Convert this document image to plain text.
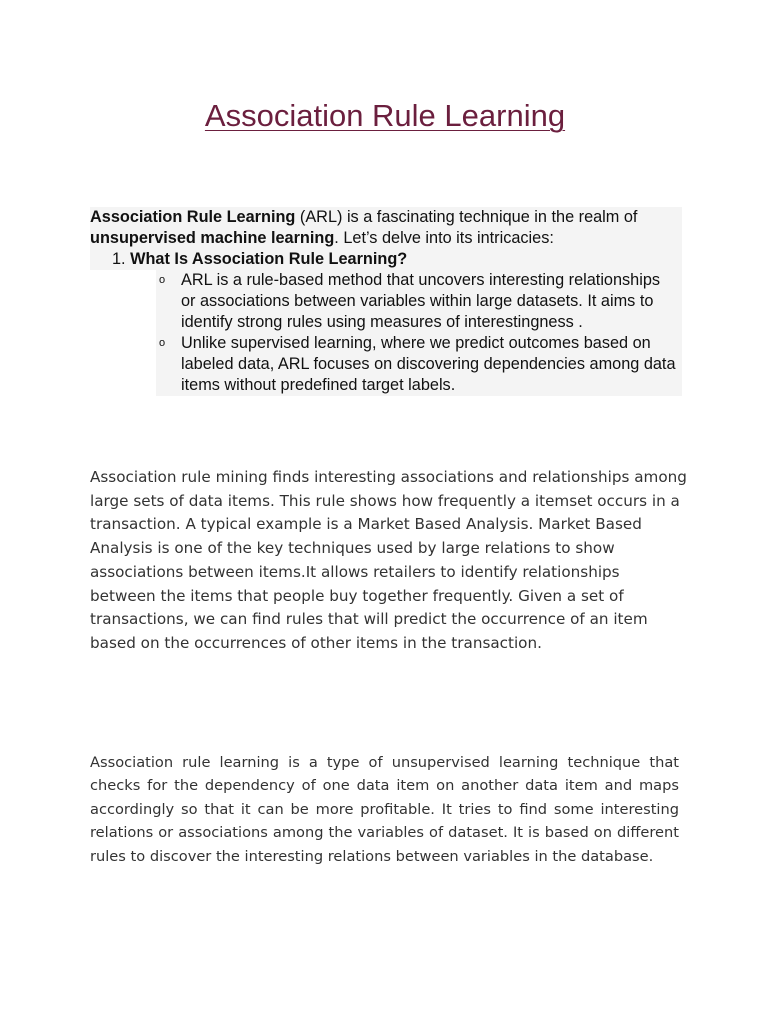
Association Rule Learning
Association Rule Learning (ARL) is a fascinating technique in the realm of unsupervised machine learning. Let’s delve into its intricacies:
1. What Is Association Rule Learning?
o ARL is a rule-based method that uncovers interesting relationships or associations between variables within large datasets. It aims to identify strong rules using measures of interestingness .
o Unlike supervised learning, where we predict outcomes based on labeled data, ARL focuses on discovering dependencies among data items without predefined target labels.

Association rule mining finds interesting associations and relationships among large sets of data items. This rule shows how frequently a itemset occurs in a transaction. A typical example is a Market Based Analysis. Market Based Analysis is one of the key techniques used by large relations to show associations between items.It allows retailers to identify relationships between the items that people buy together frequently. Given a set of transactions, we can find rules that will predict the occurrence of an item based on the occurrences of other items in the transaction.

Association rule learning is a type of unsupervised learning technique that checks for the dependency of one data item on another data item and maps accordingly so that it can be more profitable. It tries to find some interesting relations or associations among the variables of dataset. It is based on different rules to discover the interesting relations between variables in the database.
